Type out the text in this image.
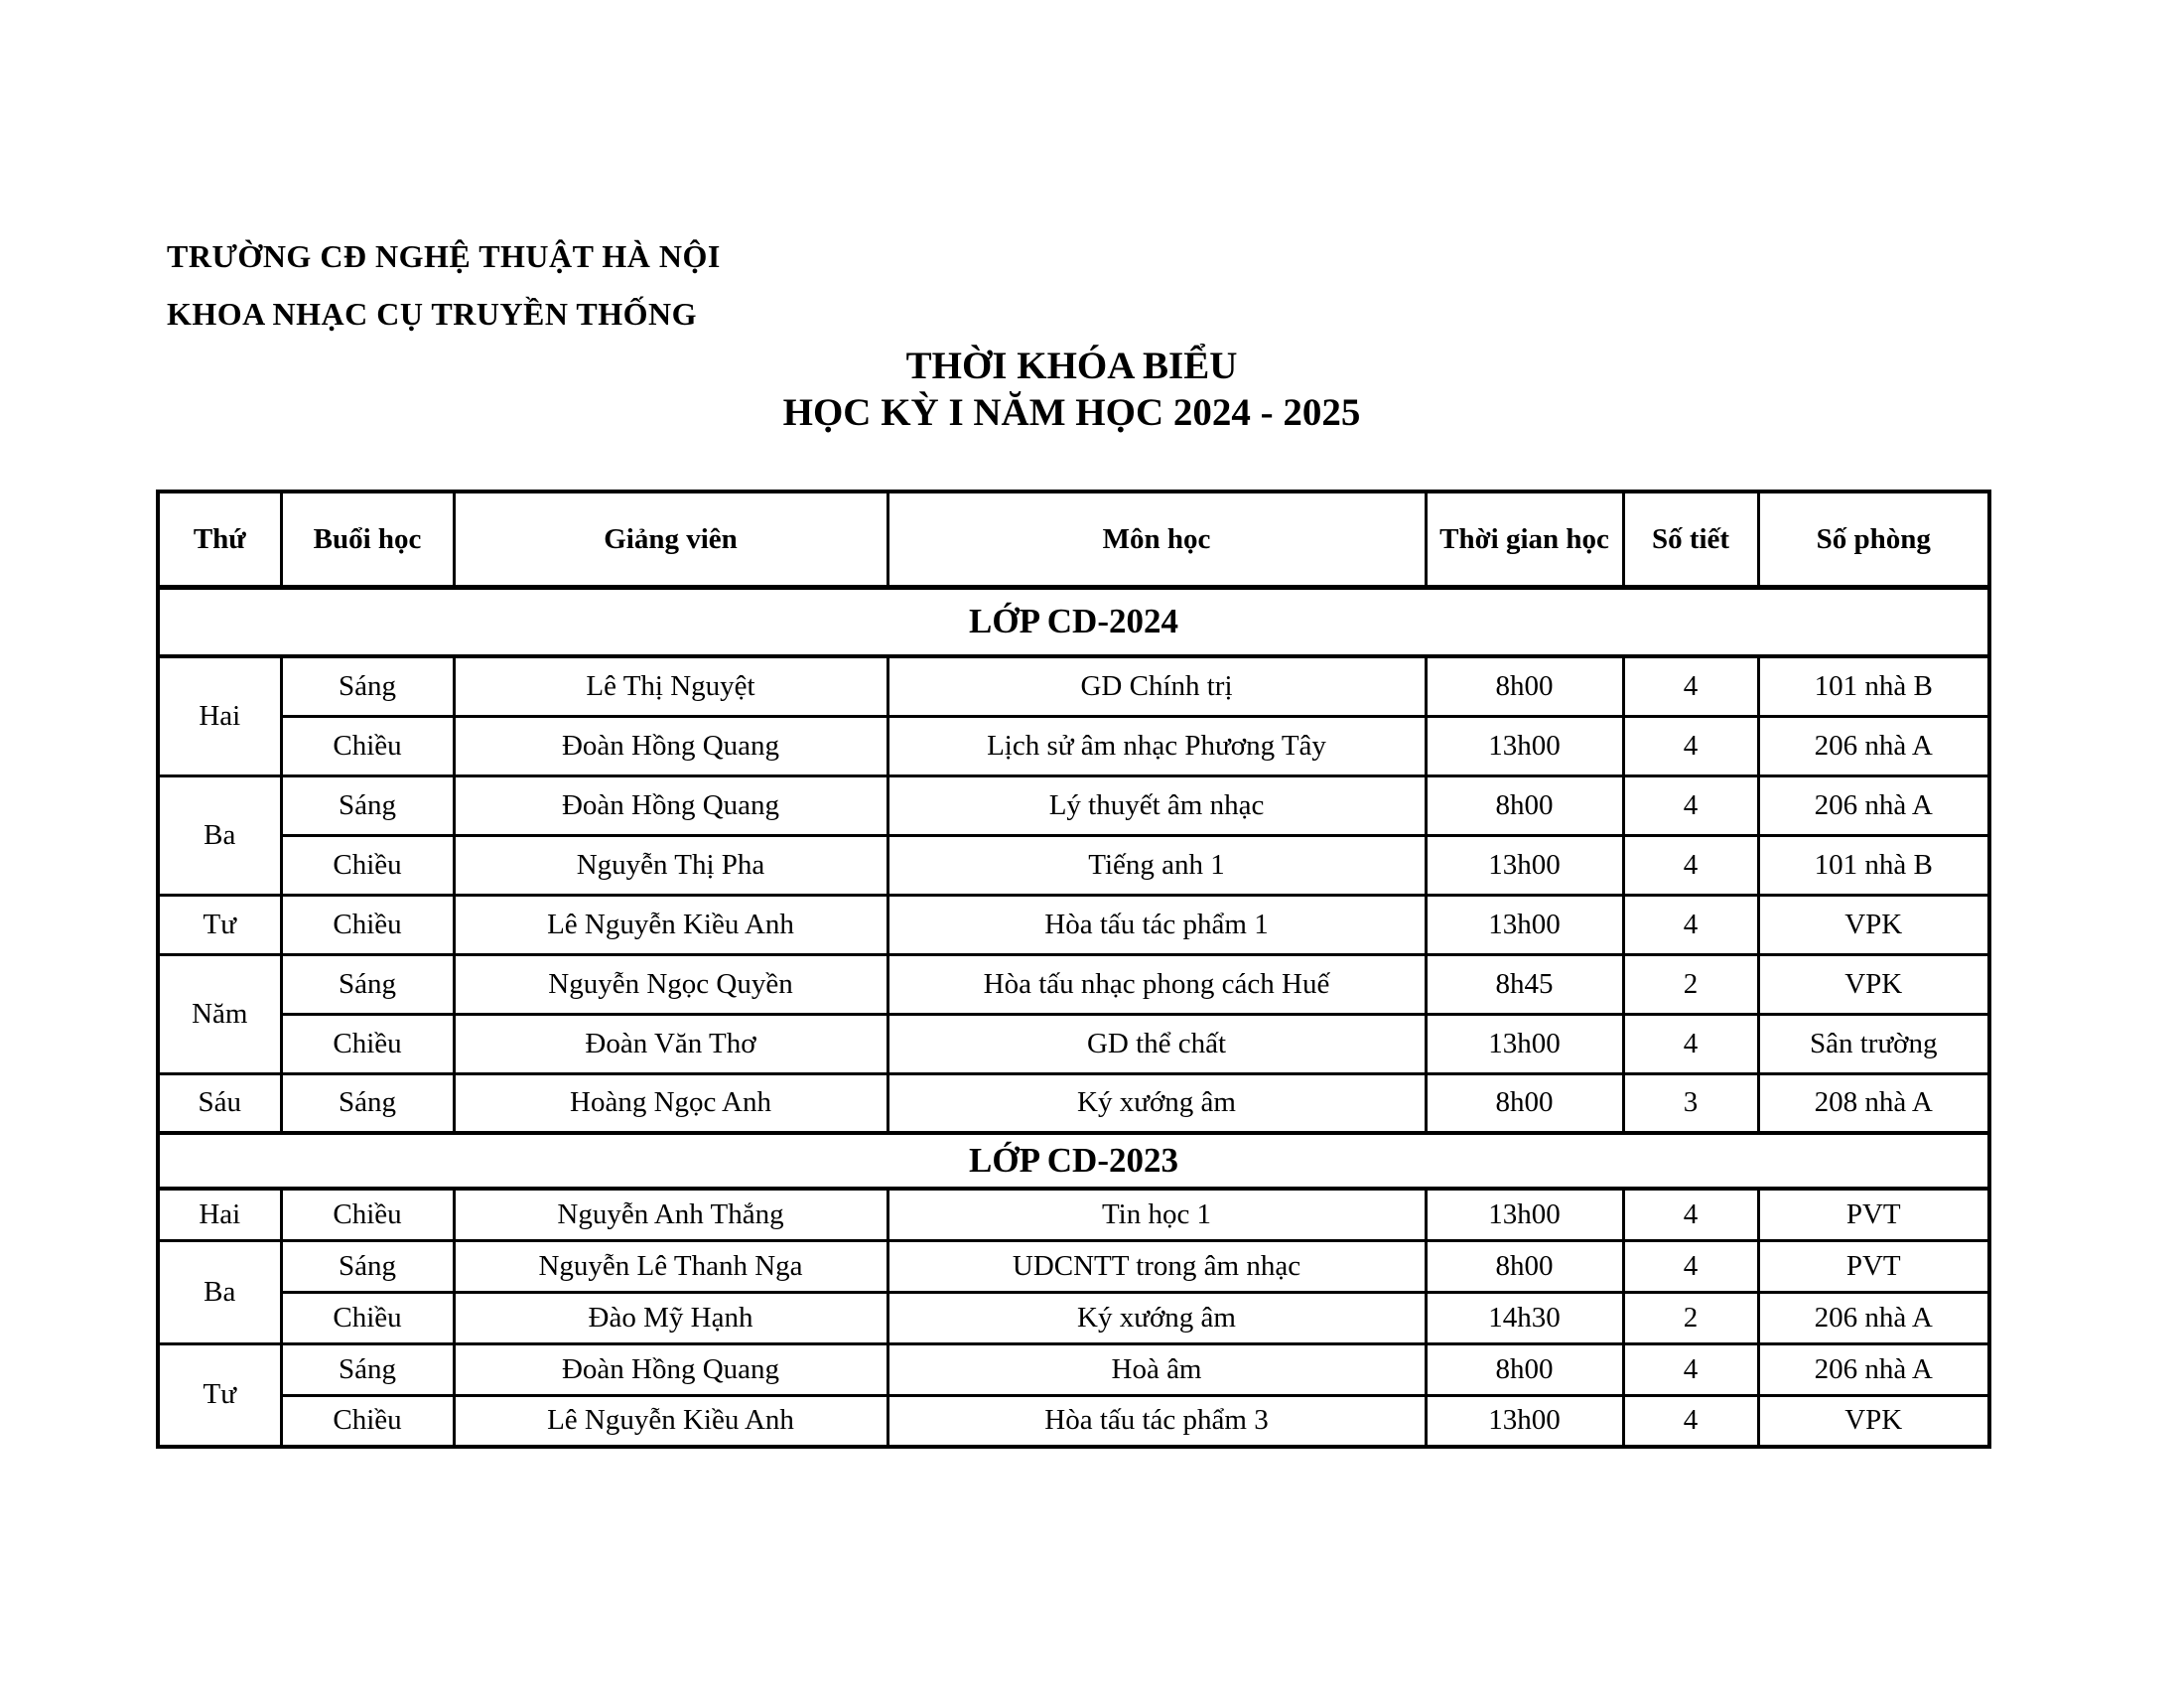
TRƯỜNG CĐ NGHỆ THUẬT HÀ NỘI
KHOA NHẠC CỤ TRUYỀN THỐNG
THỜI KHÓA BIỂU
HỌC KỲ I NĂM HỌC 2024 - 2025
Thứ	Buổi học	Giảng viên	Môn học	Thời gian học	Số tiết	Số phòng
LỚP CD-2024						
Hai	Sáng	Lê Thị Nguyệt	GD Chính trị	8h00	4	101 nhà B
	Chiều	Đoàn Hồng Quang	Lịch sử âm nhạc Phương Tây	13h00	4	206 nhà A
Ba	Sáng	Đoàn Hồng Quang	Lý thuyết âm nhạc	8h00	4	206 nhà A
	Chiều	Nguyễn Thị Pha	Tiếng anh 1	13h00	4	101 nhà B
Tư	Chiều	Lê Nguyễn Kiều Anh	Hòa tấu tác phẩm 1	13h00	4	VPK
Năm	Sáng	Nguyễn Ngọc Quyền	Hòa tấu nhạc phong cách Huế	8h45	2	VPK
	Chiều	Đoàn Văn Thơ	GD thể chất	13h00	4	Sân trường
Sáu	Sáng	Hoàng Ngọc Anh	Ký xướng âm	8h00	3	208 nhà A
LỚP CD-2023						
Hai	Chiều	Nguyễn Anh Thắng	Tin học 1	13h00	4	PVT
Ba	Sáng	Nguyễn Lê Thanh Nga	UDCNTT trong âm nhạc	8h00	4	PVT
	Chiều	Đào Mỹ Hạnh	Ký xướng âm	14h30	2	206 nhà A
Tư	Sáng	Đoàn Hồng Quang	Hoà âm	8h00	4	206 nhà A
	Chiều	Lê Nguyễn Kiều Anh	Hòa tấu tác phẩm 3	13h00	4	VPK
